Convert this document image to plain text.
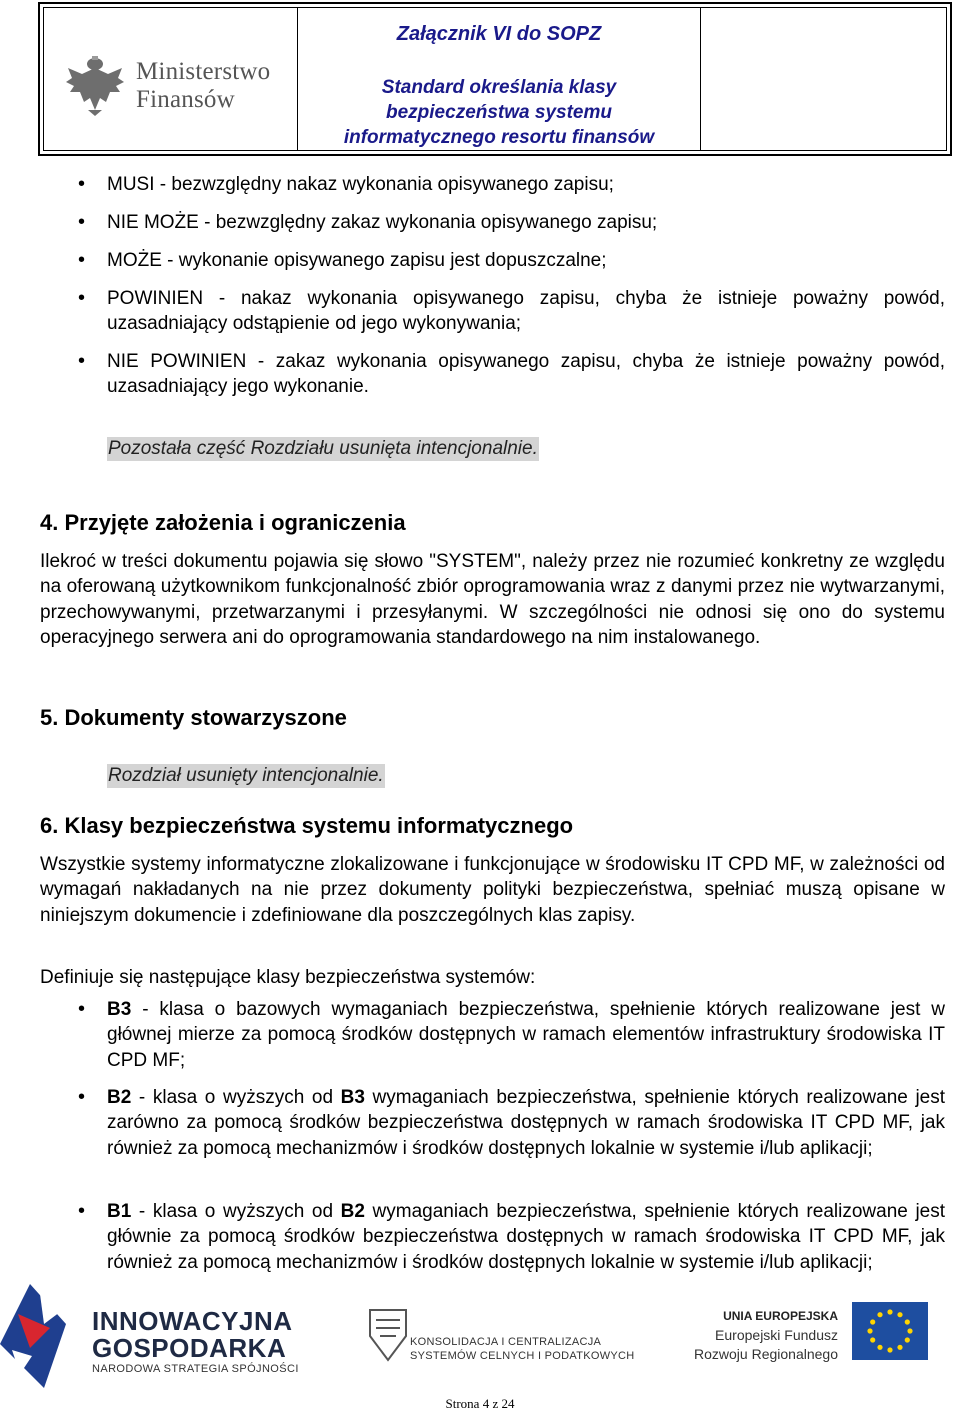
Ministerstwo
Finansów
Załącznik VI do SOPZ
Standard określania klasy
bezpieczeństwa systemu
informatycznego resortu finansów
• MUSI - bezwzględny nakaz wykonania opisywanego zapisu;
• NIE MOŻE - bezwzględny zakaz wykonania opisywanego zapisu;
• MOŻE - wykonanie opisywanego zapisu jest dopuszczalne;
• POWINIEN - nakaz wykonania opisywanego zapisu, chyba że istnieje poważny powód, uzasadniający odstąpienie od jego wykonywania;
• NIE POWINIEN - zakaz wykonania opisywanego zapisu, chyba że istnieje poważny powód, uzasadniający jego wykonanie.
Pozostała część Rozdziału usunięta intencjonalnie.
4. Przyjęte założenia i ograniczenia
Ilekroć w treści dokumentu pojawia się słowo "SYSTEM", należy przez nie rozumieć konkretny ze względu na oferowaną użytkownikom funkcjonalność zbiór oprogramowania wraz z danymi przez nie wytwarzanymi, przechowywanymi, przetwarzanymi i przesyłanymi. W szczególności nie odnosi się ono do systemu operacyjnego serwera ani do oprogramowania standardowego na nim instalowanego.
5. Dokumenty stowarzyszone
Rozdział usunięty intencjonalnie.
6. Klasy bezpieczeństwa systemu informatycznego
Wszystkie systemy informatyczne zlokalizowane i funkcjonujące w środowisku IT CPD MF, w zależności od wymagań nakładanych na nie przez dokumenty polityki bezpieczeństwa, spełniać muszą opisane w niniejszym dokumencie i zdefiniowane dla poszczególnych klas zapisy.
Definiuje się następujące klasy bezpieczeństwa systemów:
• B3 - klasa o bazowych wymaganiach bezpieczeństwa, spełnienie których realizowane jest w głównej mierze za pomocą środków dostępnych w ramach elementów infrastruktury środowiska IT CPD MF;
• B2 - klasa o wyższych od B3 wymaganiach bezpieczeństwa, spełnienie których realizowane jest zarówno za pomocą środków bezpieczeństwa dostępnych w ramach środowiska IT CPD MF, jak również za pomocą mechanizmów i środków dostępnych lokalnie w systemie i/lub aplikacji;
• B1 - klasa o wyższych od B2 wymaganiach bezpieczeństwa, spełnienie których realizowane jest głównie za pomocą środków bezpieczeństwa dostępnych w ramach środowiska IT CPD MF, jak również za pomocą mechanizmów i środków dostępnych lokalnie w systemie i/lub aplikacji;
INNOWACYJNA
GOSPODARKA
NARODOWA STRATEGIA SPÓJNOŚCI
KONSOLIDACJA I CENTRALIZACJA
SYSTEMÓW CELNYCH I PODATKOWYCH
UNIA EUROPEJSKA
Europejski Fundusz
Rozwoju Regionalnego
Strona 4 z 24
